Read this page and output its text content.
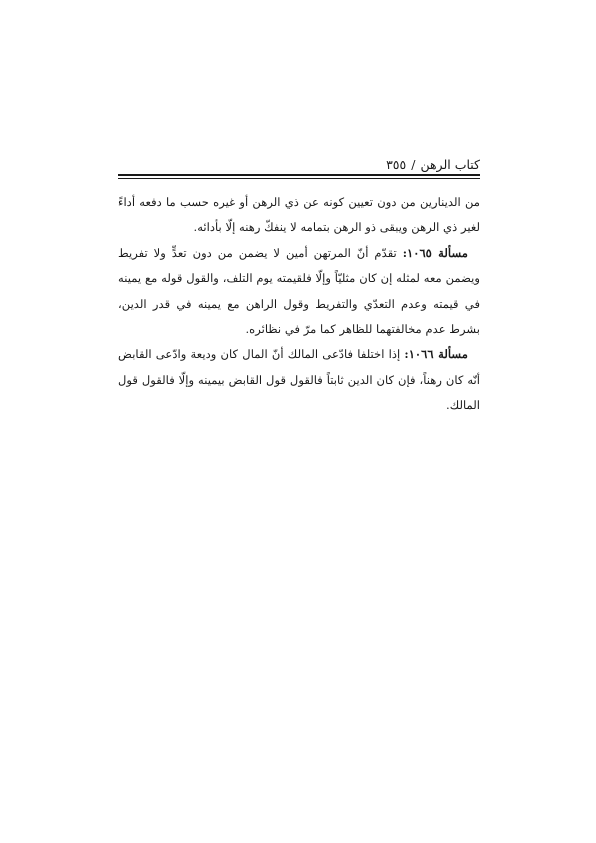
كتاب الرهن
/
٣٥٥

من الدينارين من دون تعيين كونه عن ذي الرهن أو غيره حسب ما دفعه أداءً لغير ذي الرهن ويبقى ذو الرهن بتمامه لا ينفكّ رهنه إلّا بأدائه.

مسألة ١٠٦٥: تقدّم أنّ المرتهن أمين لا يضمن من دون تعدٍّ ولا تفريط ويضمن معه لمثله إن كان مثليّاً وإلّا فلقيمته يوم التلف، والقول قوله مع يمينه في قيمته وعدم التعدّي والتفريط وقول الراهن مع يمينه في قدر الدين، بشرط عدم مخالفتهما للظاهر كما مرّ في نظائره.

مسألة ١٠٦٦: إذا اختلفا فادّعى المالك أنّ المال كان وديعة وادّعى القابض أنّه كان رهناً، فإن كان الدين ثابتاً فالقول قول القابض بيمينه وإلّا فالقول قول المالك.
